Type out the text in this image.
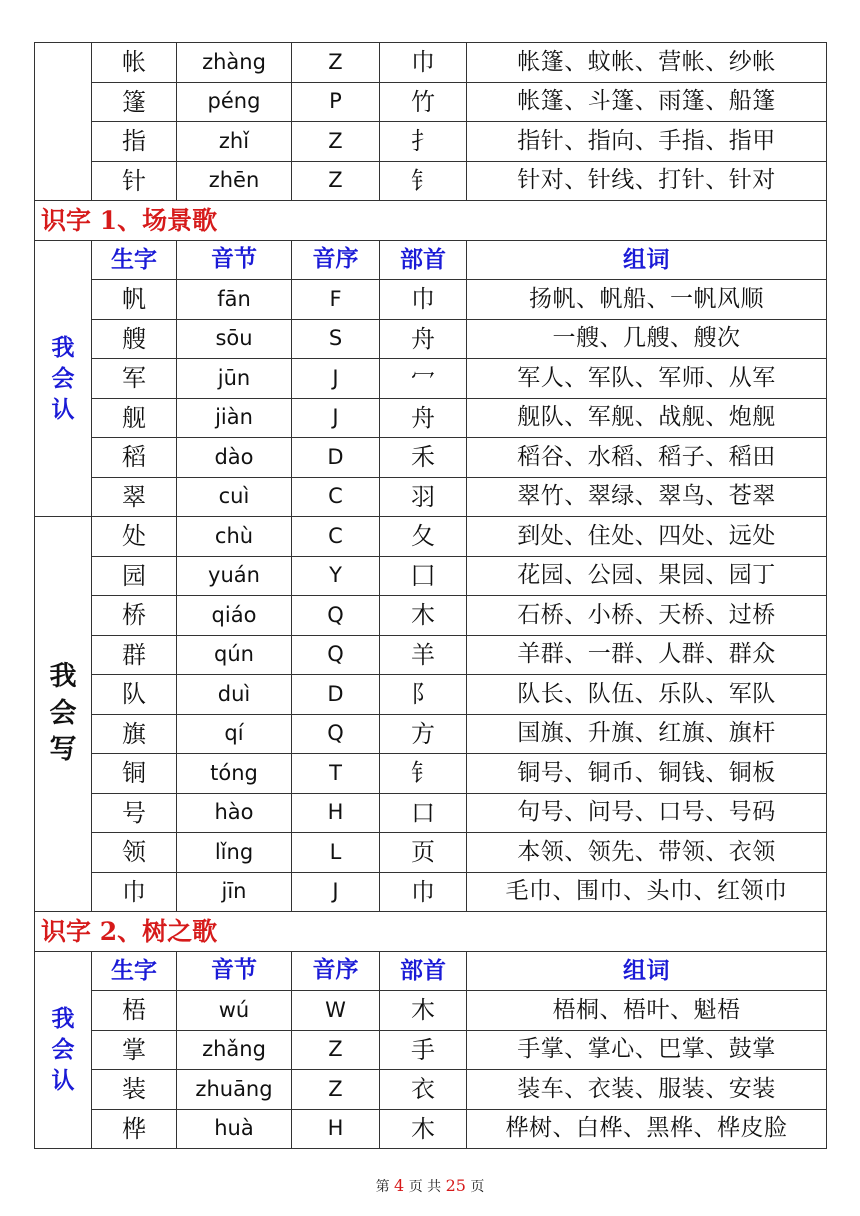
	帐	zhàng	Z	巾	帐篷、蚊帐、营帐、纱帐
	篷	péng	P	竹	帐篷、斗篷、雨篷、船篷
	指	zhǐ	Z	扌	指针、指向、手指、指甲
	针	zhēn	Z	钅	针对、针线、打针、针对
识字 1、场景歌					

我
会
认	生字	音节	音序	部首	组词
	帆	fān	F	巾	扬帆、帆船、一帆风顺
	艘	sōu	S	舟	一艘、几艘、艘次
	军	jūn	J	冖	军人、军队、军师、从军
	舰	jiàn	J	舟	舰队、军舰、战舰、炮舰
	稻	dào	D	禾	稻谷、水稻、稻子、稻田
	翠	cuì	C	羽	翠竹、翠绿、翠鸟、苍翠

我
会
写	处	chù	C	夂	到处、住处、四处、远处
	园	yuán	Y	囗	花园、公园、果园、园丁
	桥	qiáo	Q	木	石桥、小桥、天桥、过桥
	群	qún	Q	羊	羊群、一群、人群、群众
	队	duì	D	阝	队长、队伍、乐队、军队
	旗	qí	Q	方	国旗、升旗、红旗、旗杆
	铜	tóng	T	钅	铜号、铜币、铜钱、铜板
	号	hào	H	口	句号、问号、口号、号码
	领	lǐng	L	页	本领、领先、带领、衣领
	巾	jīn	J	巾	毛巾、围巾、头巾、红领巾
识字 2、树之歌					

我
会
认	生字	音节	音序	部首	组词
	梧	wú	W	木	梧桐、梧叶、魁梧
	掌	zhǎng	Z	手	手掌、掌心、巴掌、鼓掌
	装	zhuāng	Z	衣	装车、衣装、服装、安装
	桦	huà	H	木	桦树、白桦、黑桦、桦皮脸
第 4 页 共 25 页
